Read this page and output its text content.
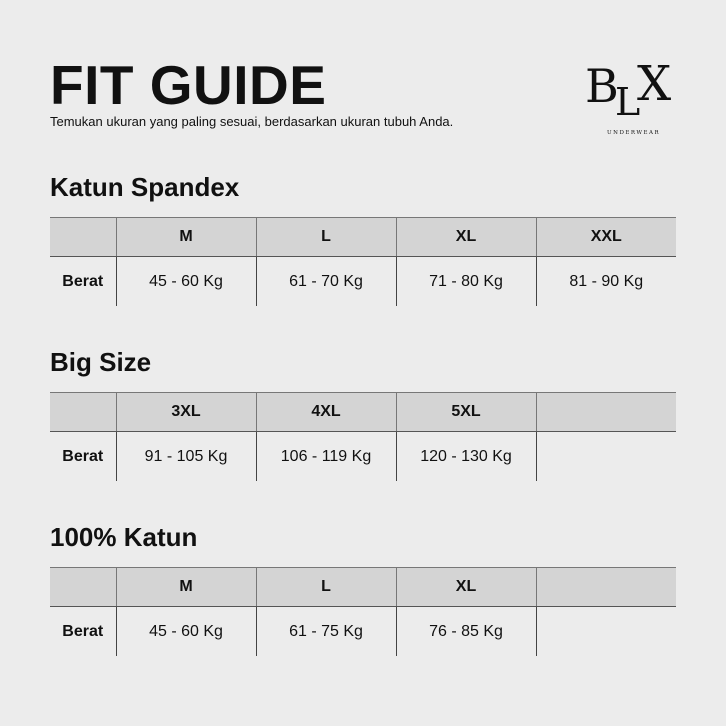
FIT GUIDE

Temukan ukuran yang paling sesuai, berdasarkan ukuran tubuh Anda.

B
L
X
UNDERWEAR
Katun Spandex
	M	L	XL	XXL
Berat	45 - 60 Kg	61 - 70 Kg	71 - 80 Kg	81 - 90 Kg
Big Size
	3XL	4XL	5XL	
Berat	91 - 105 Kg	106 - 119 Kg	120 - 130 Kg	
100% Katun
	M	L	XL	
Berat	45 - 60 Kg	61 - 75 Kg	76 - 85 Kg	
